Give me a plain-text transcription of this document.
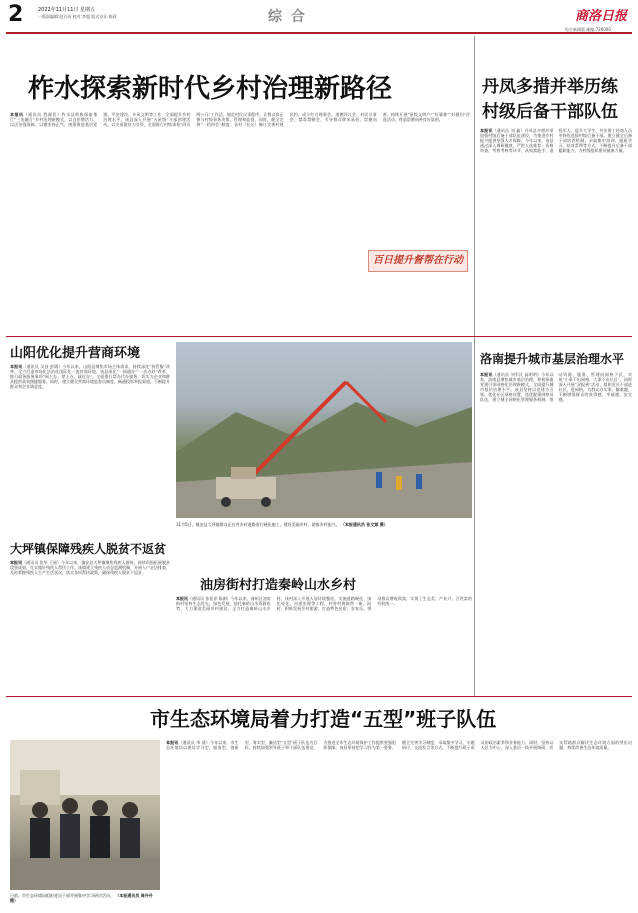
2	2022年11月11日 星期五
一版面编辑:赵百成 校对:李超 版式设计:陈莉	综 合	商洛日报
综合新闻版 邮编:726000
柞水探索新时代乡村治理新路径
本报讯（通讯员 程源民）柞水县积极探索推行“三治融合”乡村治理新模式，以自治增活力、以法治强保障、以德治扬正气，统筹推进基层党建、平安建设、乡风文明等工作，全面提升乡村治理水平。该县深入开展“五星级”支部创建活动，以支部建设为引领，全面推行村级事务“四议两公开”工作法，规范村民议事程序，让群众真正参与村级事务决策、管理和监督。同时，健全完善“一约四会”制度，各村（社区）修订完善村规民约，成立红白理事会、道德评议会、村民议事会、禁毒禁赌会，引导群众移风易俗、崇德向善，持续开展“星级文明户”“好婆婆”“好媳妇”评选活动，营造崇德向善良好氛围。
百日提升督帮在行动
丹凤多措并举历练
村级后备干部队伍
本报讯（通讯员 刘 鑫）丹凤县多措并举加强村级后备干部队伍建设，为推进乡村振兴提供坚强人才保障。今年以来，该县通过深入调研摸底，严把人选推荐、资格审查、考察考核等环节，从致富能手、退役军人、返乡大学生、外出务工经商人员中择优选拔村级后备干部。建立健全后备干部培养机制，采取集中培训、跟班学习、结对帮带等方式，不断提升后备干部履职能力，为村级组织建设储备力量。
山阳优化提升营商环境
本报讯（通讯员 吴昌 彭婧）今年以来，山阳县聚焦市场主体需求，持续深化“放管服”改革，全力打造市场化法治化国际化一流营商环境。该县深化“一网通办”“一次办好”改革，推行政务服务事项“网上办、掌上办、就近办”，全面推行帮办代办服务，切实为企业和群众提供高效便捷服务。同时，建立健全营商环境监督员制度，畅通投诉举报渠道，不断提升群众和企业满意度。
11月5日，镇安县大坪镇群众正在对乡村道路进行硬化施工，建设美丽乡村，助推乡村振兴。 （本报通讯员 张文斌 摄）
洛南提升城市基层治理水平
本报讯（通讯员 刘军民 高明明）今年以来，洛南县聚焦城市基层治理，积极探索党建引领网格化治理新模式，全面提升城市基层治理水平。该县坚持以党建为引领，优化社区网格设置，选优配强网格员队伍，建立健全网格化管理服务机制，推动资源、服务、管理向网格下沉，实现“小事不出网格、大事不出社区”。同时深入开展“双报到”活动，组织党员干部进社区、进网格，为群众办实事、解难题，不断增强群众的获得感、幸福感、安全感。
大坪镇保障残疾人脱贫不返贫
本报讯（通讯员 张华 王丽）今年以来，镇安县大坪镇聚焦残疾人群体，持续巩固拓展脱贫攻坚成果，扎实做好残疾人帮扶工作。该镇建立残疾人动态监测机制，开展入户走访排查，及时掌握残疾人生产生活状况，落实各项帮扶政策，确保残疾人脱贫不返贫。
油房街村打造秦岭山水乡村
本报讯（通讯员 张佳祥 陈刚）今年以来，商州区油房街村坚持生态优先、绿色发展，依托秦岭山水资源优势，大力推进美丽乡村建设，全力打造秦岭山水乡村。该村深入开展人居环境整治，实施道路硬化、绿化亮化、河道治理等工程，村容村貌焕然一新。同时，积极发展乡村旅游，打造特色民宿、农家乐，带动群众增收致富，实现了生态美、产业兴、百姓富的有机统一。
市生态环境局着力打造“五型”班子队伍
日前，市生态环境局组织党员干部开展集中学习研讨活动。 （本报通讯员 周丹丹 摄）
本报讯（通讯员 李 倩）今年以来，市生态环境局以建设学习型、服务型、创新型、务实型、廉洁型“五型”班子队伍为目标，持续加强领导班子和干部队伍建设，为推进全市生态环境保护工作提供坚强组织保障。该局坚持把学习作为第一要务，健全完善学习制度，采取集中学习、专题研讨、交流发言等方式，不断提升班子成员的政治素养和业务能力。同时，坚持以人民为中心，深入基层一线开展调研，切实帮助群众解决生态环境方面的突出问题，持续改善生态环境质量。
